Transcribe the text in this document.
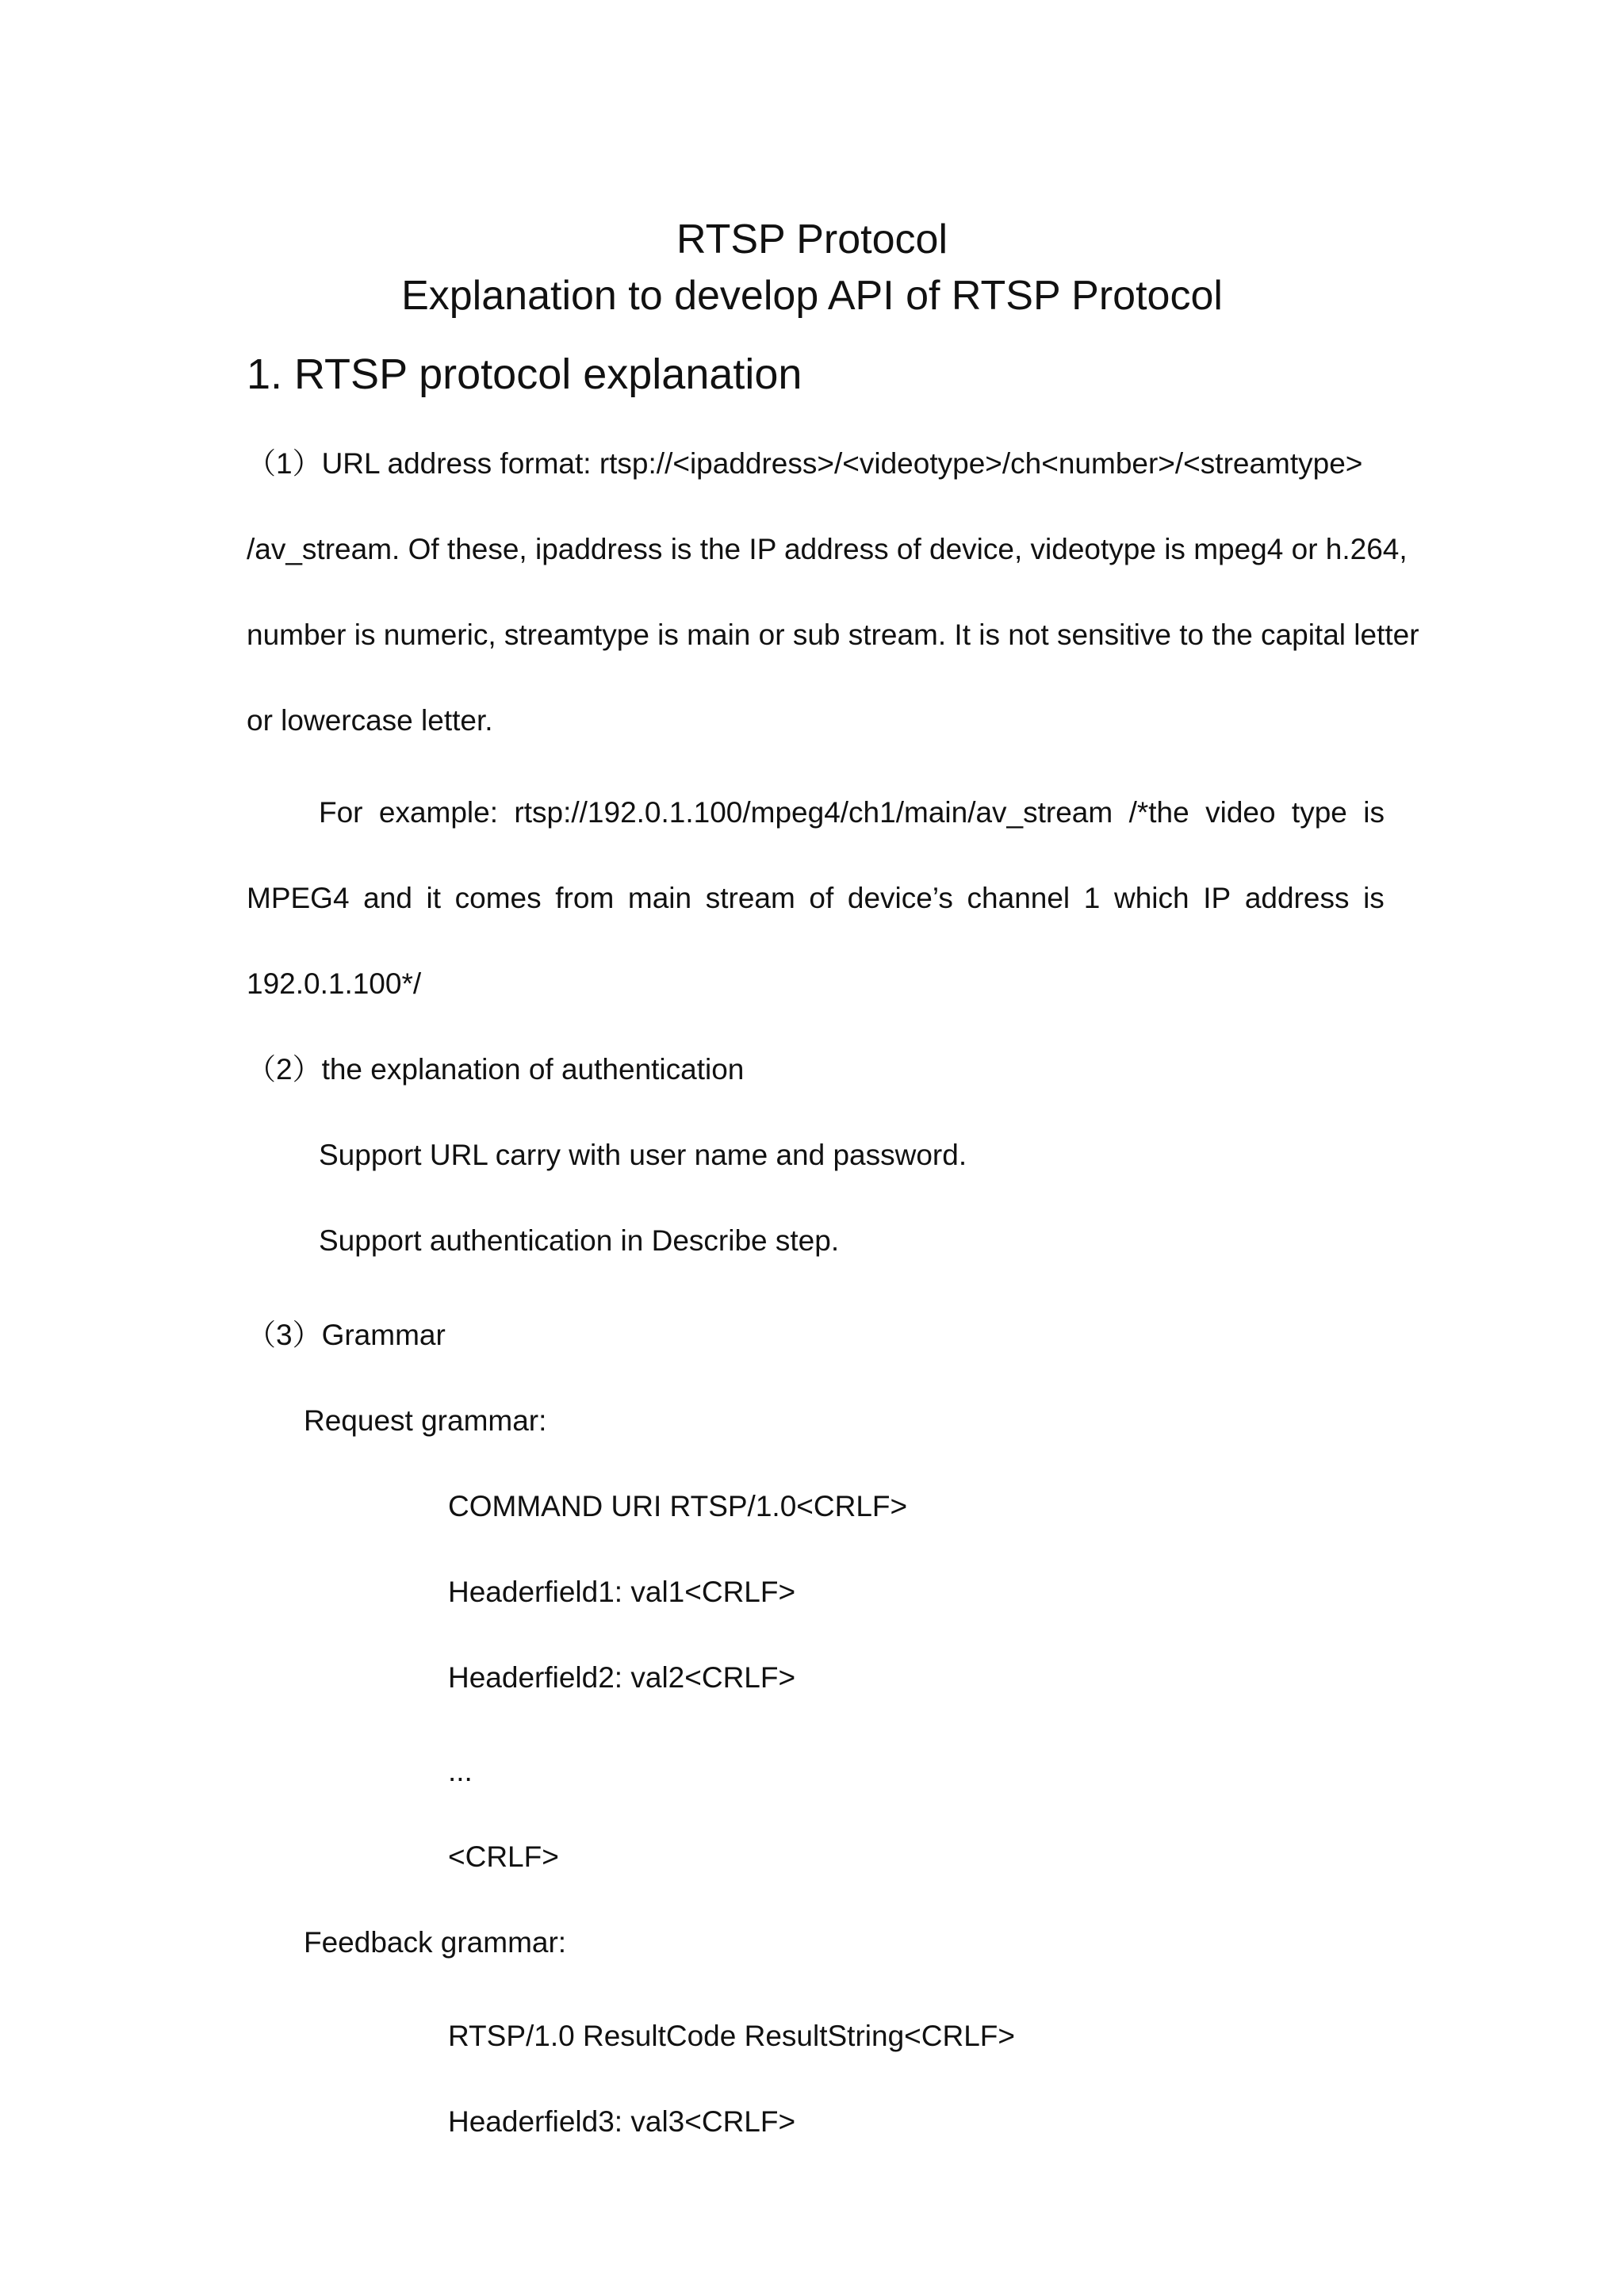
RTSP Protocol
Explanation to develop API of RTSP Protocol
1. RTSP protocol explanation

（1）URL address format: rtsp://<ipaddress>/<videotype>/ch<number>/<streamtype>

/av_stream. Of these, ipaddress is the IP address of device, videotype is mpeg4 or h.264,

number is numeric, streamtype is main or sub stream. It is not sensitive to the capital letter

or lowercase letter.

For example: rtsp://192.0.1.100/mpeg4/ch1/main/av_stream /*the video type is

MPEG4 and it comes from main stream of device’s channel 1 which IP address is

192.0.1.100*/

（2）the explanation of authentication

Support URL carry with user name and password.

Support authentication in Describe step.

（3）Grammar

Request grammar:

COMMAND URI RTSP/1.0<CRLF>

Headerfield1: val1<CRLF>

Headerfield2: val2<CRLF>

...

<CRLF>

Feedback grammar:

RTSP/1.0 ResultCode ResultString<CRLF>

Headerfield3: val3<CRLF>
